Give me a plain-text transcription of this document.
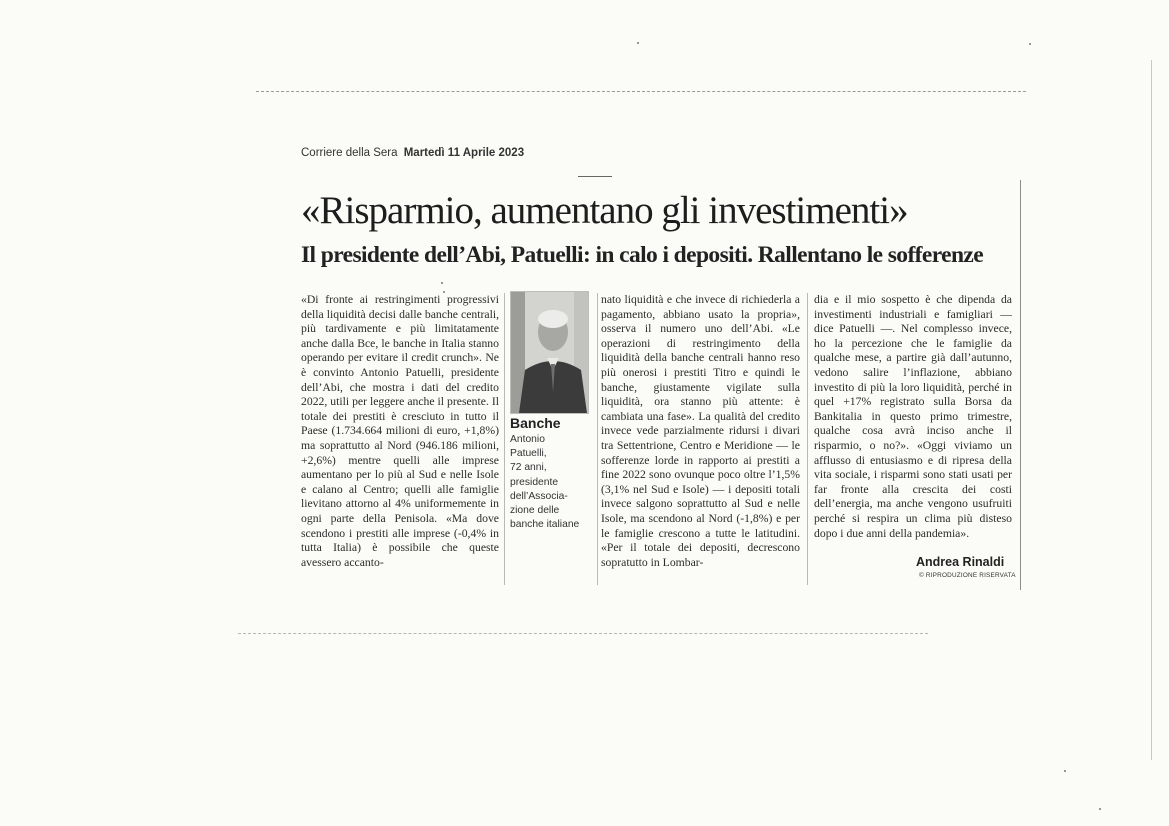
Corriere della Sera Martedì 11 Aprile 2023
«Risparmio, aumentano gli investimenti»
Il presidente dell’Abi, Patuelli: in calo i depositi. Rallentano le sofferenze

«Di fronte ai restringimenti progressivi della liquidità decisi dalle banche centrali, più tardivamente e più limitatamente anche dalla Bce, le banche in Italia stanno operando per evitare il credit crunch». Ne è convinto Antonio Patuelli, presidente dell’Abi, che mostra i dati del credito 2022, utili per leggere anche il presente. Il totale dei prestiti è cresciuto in tutto il Paese (1.734.664 milioni di euro, +1,8%) ma soprattutto al Nord (946.186 milioni, +2,6%) mentre quelli alle imprese aumentano per lo più al Sud e nelle Isole e calano al Centro; quelli alle famiglie lievitano attorno al 4% uniformemente in ogni parte della Penisola. «Ma dove scendono i prestiti alle imprese (-0,4% in tutta Italia) è possibile che queste avessero accanto-

Banche
Antonio
Patuelli,
72 anni,
presidente
dell’Associa-
zione delle
banche italiane

nato liquidità e che invece di richiederla a pagamento, abbiano usato la propria», osserva il numero uno dell’Abi. «Le operazioni di restringimento della liquidità della banche centrali hanno reso più onerosi i prestiti Titro e quindi le banche, giustamente vigilate sulla liquidità, ora stanno più attente: è cambiata una fase». La qualità del credito invece vede parzialmente ridursi i divari tra Settentrione, Centro e Meridione — le sofferenze lorde in rapporto ai prestiti a fine 2022 sono ovunque poco oltre l’1,5% (3,1% nel Sud e Isole) — i depositi totali invece salgono soprattutto al Sud e nelle Isole, ma scendono al Nord (-1,8%) e per le famiglie crescono a tutte le latitudini. «Per il totale dei depositi, decrescono sopratutto in Lombar-

dia e il mio sospetto è che dipenda da investimenti industriali e famigliari — dice Patuelli —. Nel complesso invece, ho la percezione che le famiglie da qualche mese, a partire già dall’autunno, vedono salire l’inflazione, abbiano investito di più la loro liquidità, perché in quel +17% registrato sulla Borsa da Bankitalia in questo primo trimestre, qualche cosa avrà inciso anche il risparmio, o no?». «Oggi viviamo un afflusso di entusiasmo e di ripresa della vita sociale, i risparmi sono stati usati per far fronte alla crescita dei costi dell’energia, ma anche vengono usufruiti perché si respira un clima più disteso dopo i due anni della pandemia».

Andrea Rinaldi
© RIPRODUZIONE RISERVATA
